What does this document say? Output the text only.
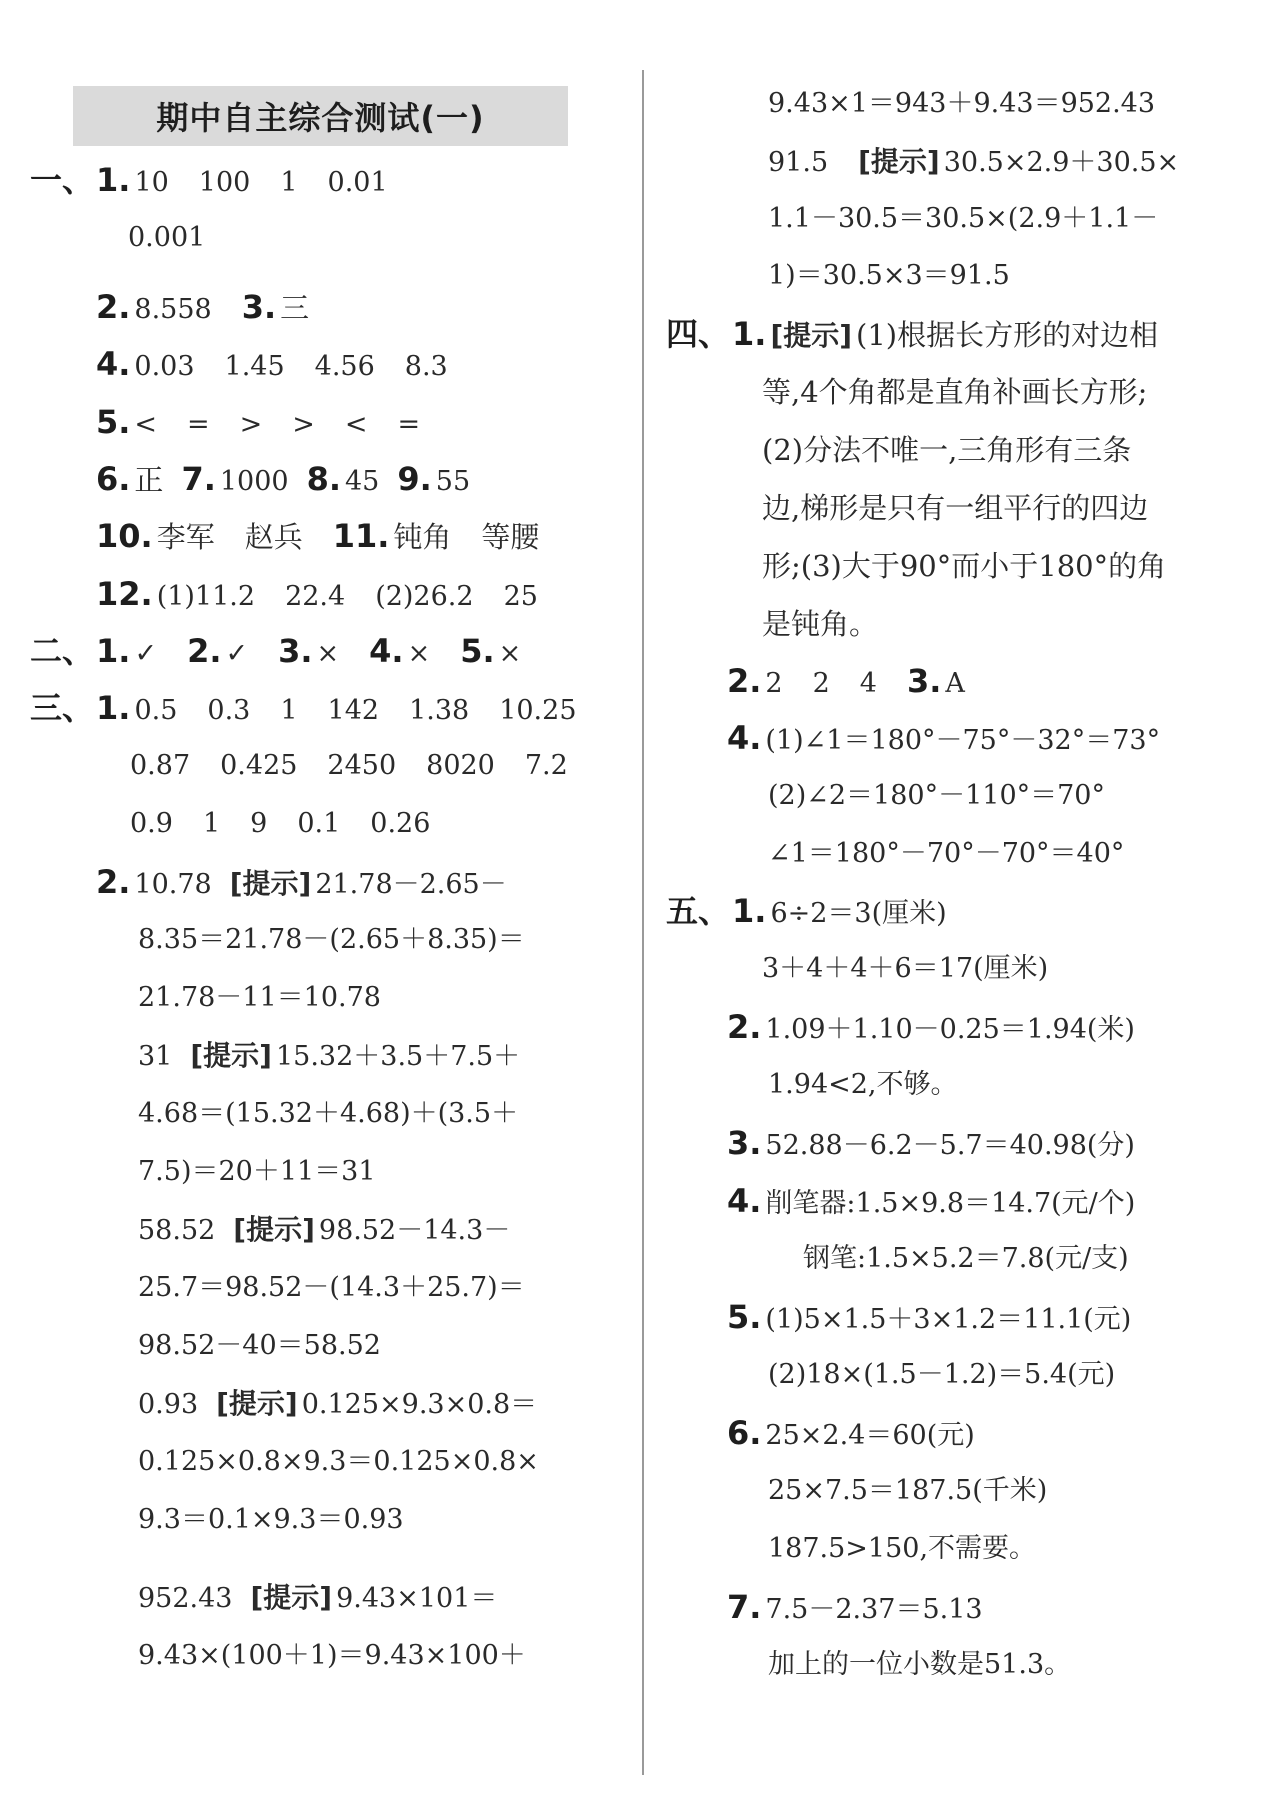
期中自主综合测试(一)
一、1. 10 100 1 0.01
0.001
2. 8.558 3. 三
4. 0.03 1.45 4.56 8.3
5. < = > > < =
6. 正 7. 1000 8. 45 9. 55
10. 李军 赵兵 11. 钝角 等腰
12. (1)11.2 22.4 (2)26.2 25
二、1. ✓ 2. ✓ 3. × 4. × 5. ×
三、1. 0.5 0.3 1 142 1.38 10.25
0.87 0.425 2450 8020 7.2
0.9 1 9 0.1 0.26
2. 10.78 [提示] 21.78－2.65－
8.35＝21.78－(2.65＋8.35)＝
21.78－11＝10.78
31 [提示] 15.32＋3.5＋7.5＋
4.68＝(15.32＋4.68)＋(3.5＋
7.5)＝20＋11＝31
58.52 [提示] 98.52－14.3－
25.7＝98.52－(14.3＋25.7)＝
98.52－40＝58.52
0.93 [提示] 0.125×9.3×0.8＝
0.125×0.8×9.3＝0.125×0.8×
9.3＝0.1×9.3＝0.93
952.43 [提示] 9.43×101＝
9.43×(100＋1)＝9.43×100＋
9.43×1＝943＋9.43＝952.43
91.5 [提示] 30.5×2.9＋30.5×
1.1－30.5＝30.5×(2.9＋1.1－
1)＝30.5×3＝91.5
四、1. [提示] (1)根据长方形的对边相
等,4个角都是直角补画长方形;
(2)分法不唯一,三角形有三条
边,梯形是只有一组平行的四边
形;(3)大于90°而小于180°的角
是钝角。
2. 2 2 4 3. A
4. (1)∠1＝180°－75°－32°＝73°
(2)∠2＝180°－110°＝70°
∠1＝180°－70°－70°＝40°
五、1. 6÷2＝3(厘米)
3＋4＋4＋6＝17(厘米)
2. 1.09＋1.10－0.25＝1.94(米)
1.94<2,不够。
3. 52.88－6.2－5.7＝40.98(分)
4. 削笔器:1.5×9.8＝14.7(元/个)
钢笔:1.5×5.2＝7.8(元/支)
5. (1)5×1.5＋3×1.2＝11.1(元)
(2)18×(1.5－1.2)＝5.4(元)
6. 25×2.4＝60(元)
25×7.5＝187.5(千米)
187.5>150,不需要。
7. 7.5－2.37＝5.13
加上的一位小数是51.3。
